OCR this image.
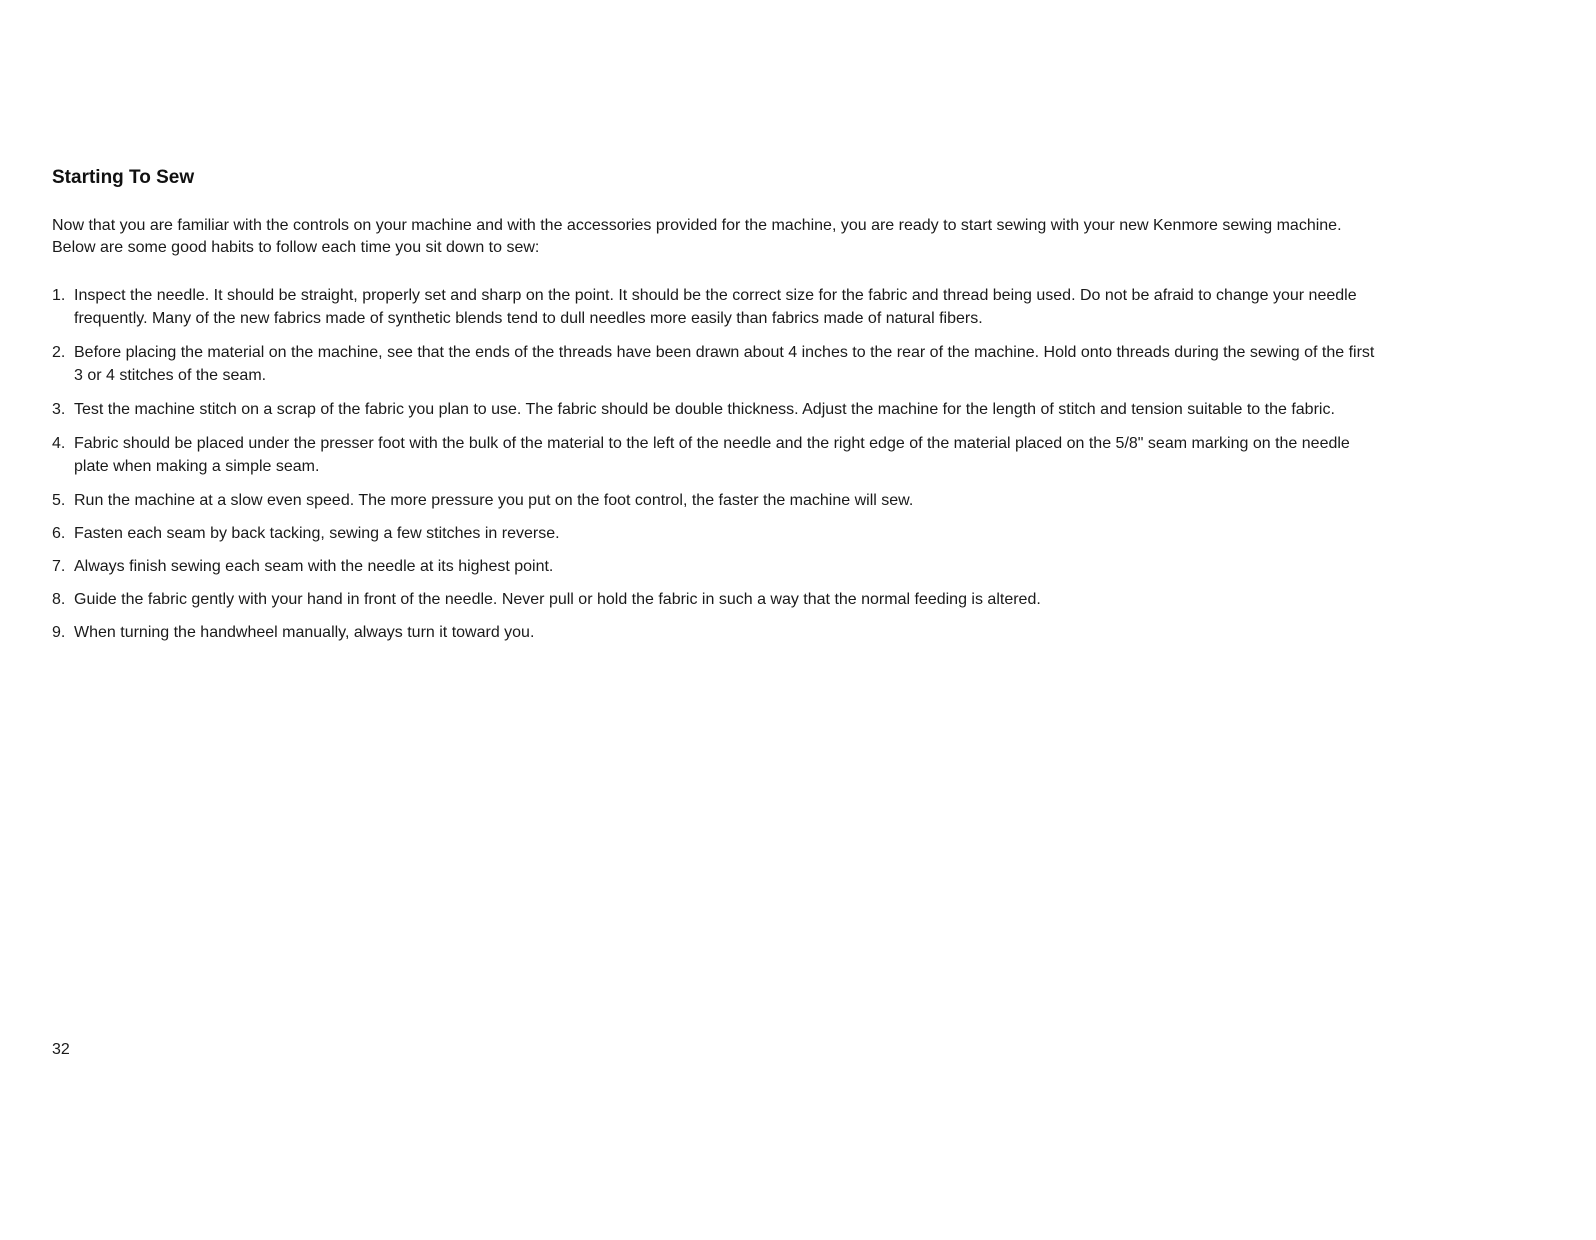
Starting To Sew

Now that you are familiar with the controls on your machine and with the accessories provided for the machine, you are ready to start sewing with your new Kenmore sewing machine. Below are some good habits to follow each time you sit down to sew:

1. Inspect the needle. It should be straight, properly set and sharp on the point. It should be the correct size for the fabric and thread being used. Do not be afraid to change your needle frequently. Many of the new fabrics made of synthetic blends tend to dull needles more easily than fabrics made of natural fibers.
2. Before placing the material on the machine, see that the ends of the threads have been drawn about 4 inches to the rear of the machine. Hold onto threads during the sewing of the first 3 or 4 stitches of the seam.
3. Test the machine stitch on a scrap of the fabric you plan to use. The fabric should be double thickness. Adjust the machine for the length of stitch and tension suitable to the fabric.
4. Fabric should be placed under the presser foot with the bulk of the material to the left of the needle and the right edge of the material placed on the 5/8" seam marking on the needle plate when making a simple seam.
5. Run the machine at a slow even speed. The more pressure you put on the foot control, the faster the machine will sew.
6. Fasten each seam by back tacking, sewing a few stitches in reverse.
7. Always finish sewing each seam with the needle at its highest point.
8. Guide the fabric gently with your hand in front of the needle. Never pull or hold the fabric in such a way that the normal feeding is altered.
9. When turning the handwheel manually, always turn it toward you.

32
